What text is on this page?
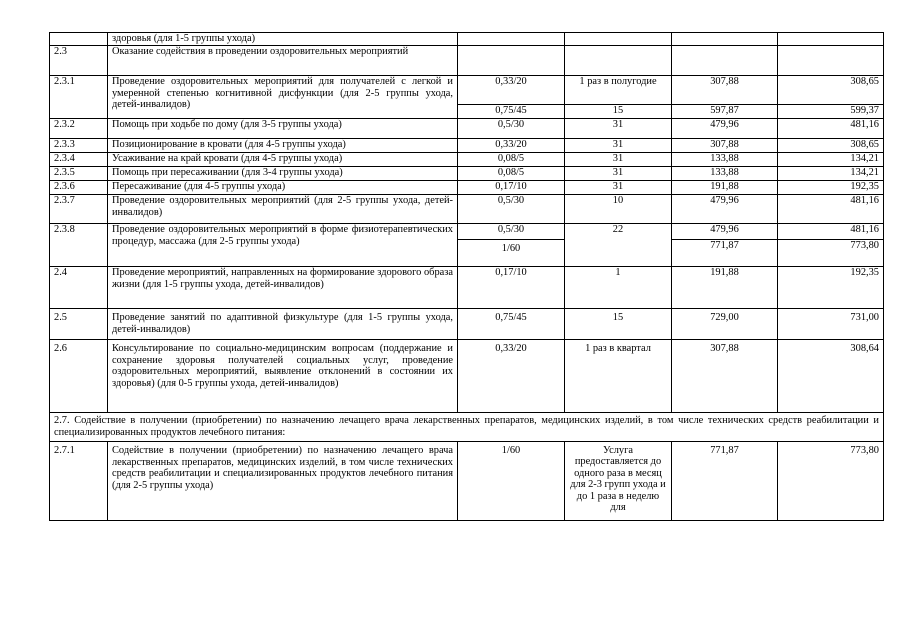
	здоровья (для 1-5 группы ухода)				
2.3	Оказание содействия в проведении оздоровительных мероприятий				
2.3.1	Проведение оздоровительных мероприятий для получателей с легкой и умеренной степенью когнитивной дисфункции (для 2-5 группы ухода, детей-инвалидов)	0,33/20	1 раз в полугодие	307,88	308,65
		0,75/45	15	597,87	599,37
2.3.2	Помощь при ходьбе по дому (для 3-5 группы ухода)	0,5/30	31	479,96	481,16
2.3.3	Позиционирование в кровати (для 4-5 группы ухода)	0,33/20	31	307,88	308,65
2.3.4	Усаживание на край кровати (для 4-5 группы ухода)	0,08/5	31	133,88	134,21
2.3.5	Помощь при пересаживании (для 3-4 группы ухода)	0,08/5	31	133,88	134,21
2.3.6	Пересаживание (для 4-5 группы ухода)	0,17/10	31	191,88	192,35
2.3.7	Проведение оздоровительных мероприятий (для 2-5 группы ухода, детей-инвалидов)	0,5/30	10	479,96	481,16
2.3.8	Проведение оздоровительных мероприятий в форме физиотерапевтических процедур, массажа (для 2-5 группы ухода)	0,5/30	22	479,96	481,16
		1/60		771,87	773,80
2.4	Проведение мероприятий, направленных на формирование здорового образа жизни (для 1-5 группы ухода, детей-инвалидов)	0,17/10	1	191,88	192,35
2.5	Проведение занятий по адаптивной физкультуре (для 1-5 группы ухода, детей-инвалидов)	0,75/45	15	729,00	731,00
2.6	Консультирование по социально-медицинским вопросам (поддержание и сохранение здоровья получателей социальных услуг, проведение оздоровительных мероприятий, выявление отклонений в состоянии их здоровья) (для 0-5 группы ухода, детей-инвалидов)	0,33/20	1 раз в квартал	307,88	308,64
2.7. Содействие в получении (приобретении) по назначению лечащего врача лекарственных препаратов, медицинских изделий, в том числе технических средств реабилитации и специализированных продуктов лечебного питания:					
2.7.1	Содействие в получении (приобретении) по назначению лечащего врача лекарственных препаратов, медицинских изделий, в том числе технических средств реабилитации и специализированных продуктов лечебного питания (для 2-5 группы ухода)	1/60	Услуга предоставляется до одного раза в месяц для 2-3 групп ухода и до 1 раза в неделю для	771,87	773,80
